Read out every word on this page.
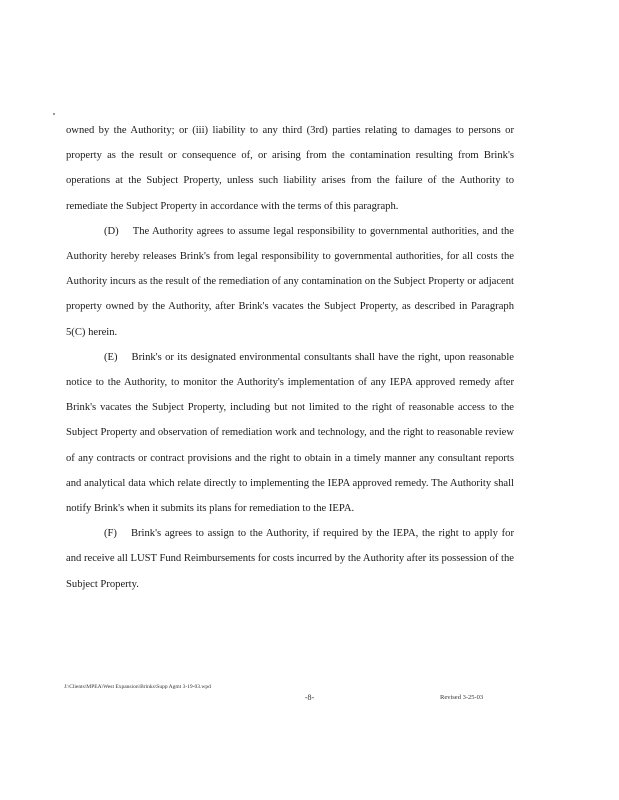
owned by the Authority; or (iii) liability to any third (3rd) parties relating to damages to persons or property as the result or consequence of, or arising from the contamination resulting from Brink's operations at the Subject Property, unless such liability arises from the failure of the Authority to remediate the Subject Property in accordance with the terms of this paragraph.

(D) The Authority agrees to assume legal responsibility to governmental authorities, and the Authority hereby releases Brink's from legal responsibility to governmental authorities, for all costs the Authority incurs as the result of the remediation of any contamination on the Subject Property or adjacent property owned by the Authority, after Brink's vacates the Subject Property, as described in Paragraph 5(C) herein.

(E) Brink's or its designated environmental consultants shall have the right, upon reasonable notice to the Authority, to monitor the Authority's implementation of any IEPA approved remedy after Brink's vacates the Subject Property, including but not limited to the right of reasonable access to the Subject Property and observation of remediation work and technology, and the right to reasonable review of any contracts or contract provisions and the right to obtain in a timely manner any consultant reports and analytical data which relate directly to implementing the IEPA approved remedy. The Authority shall notify Brink's when it submits its plans for remediation to the IEPA.

(F) Brink's agrees to assign to the Authority, if required by the IEPA, the right to apply for and receive all LUST Fund Reimbursements for costs incurred by the Authority after its possession of the Subject Property.

J:\Clients\MPEA\West Expansion\Brinks\Supp Agmt 3-19-03.wpd
-8-	Revised 3-25-03
